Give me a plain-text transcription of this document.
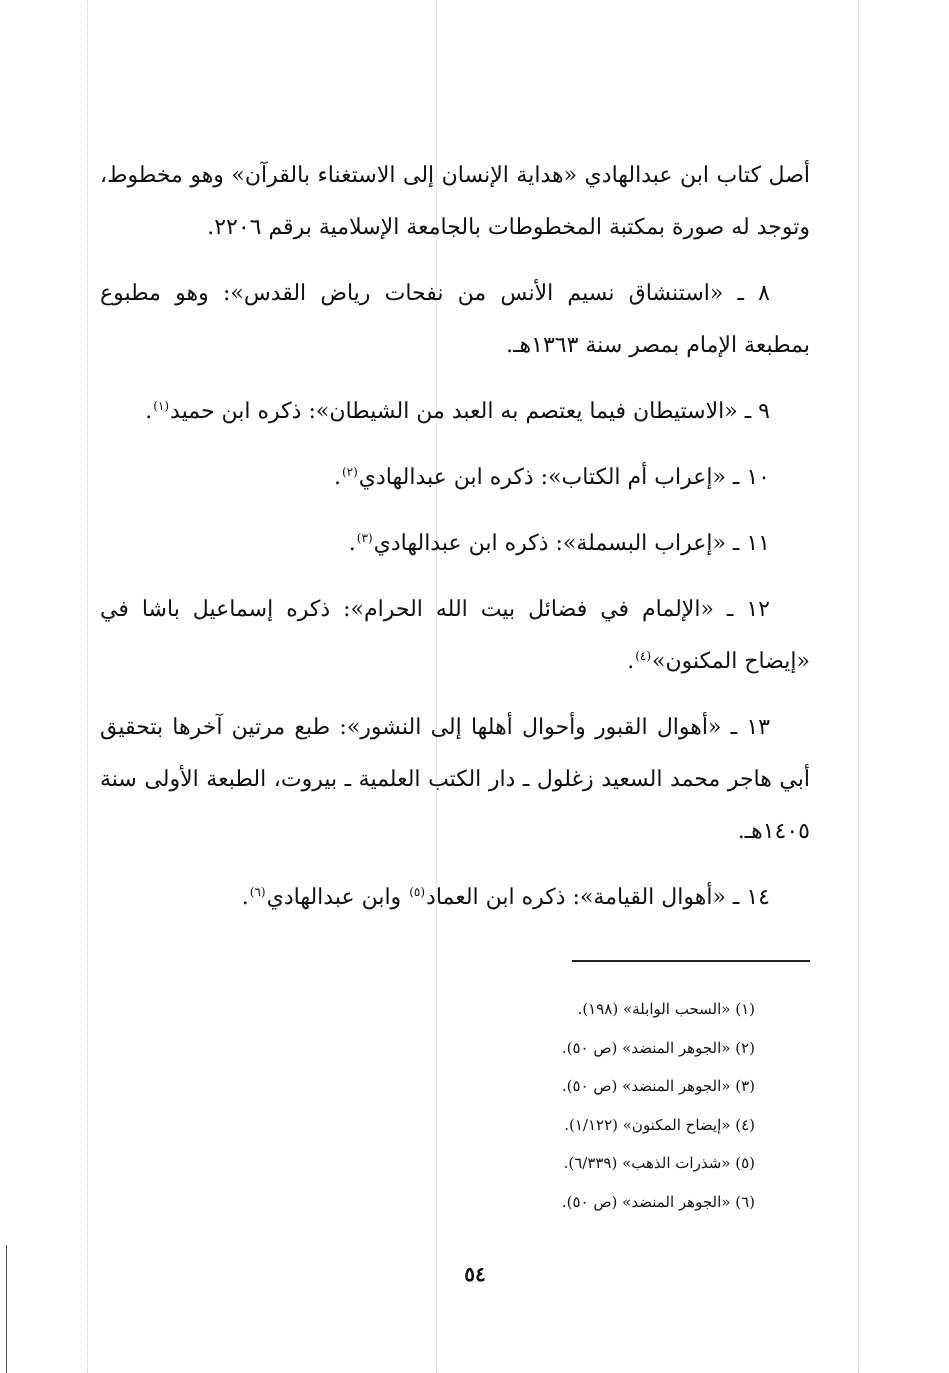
أصل كتاب ابن عبدالهادي «هداية الإنسان إلى الاستغناء بالقرآن» وهو مخطوط، وتوجد له صورة بمكتبة المخطوطات بالجامعة الإسلامية برقم ٢٢٠٦.

٨ ـ «استنشاق نسيم الأنس من نفحات رياض القدس»: وهو مطبوع بمطبعة الإمام بمصر سنة ١٣٦٣هـ.

٩ ـ «الاستيطان فيما يعتصم به العبد من الشيطان»: ذكره ابن حميد$^{(١)}$.

١٠ ـ «إعراب أم الكتاب»: ذكره ابن عبدالهادي$^{(٢)}$.

١١ ـ «إعراب البسملة»: ذكره ابن عبدالهادي$^{(٣)}$.

١٢ ـ «الإلمام في فضائل بيت الله الحرام»: ذكره إسماعيل باشا في «إيضاح المكنون»$^{(٤)}$.

١٣ ـ «أهوال القبور وأحوال أهلها إلى النشور»: طبع مرتين آخرها بتحقيق أبي هاجر محمد السعيد زغلول ـ دار الكتب العلمية ـ بيروت، الطبعة الأولى سنة ١٤٠٥هـ.

١٤ ـ «أهوال القيامة»: ذكره ابن العماد$^{(٥)}$ وابن عبدالهادي$^{(٦)}$.

(١) «السحب الوابلة» (١٩٨).

(٢) «الجوهر المنضد» (ص ٥٠).

(٣) «الجوهر المنضد» (ص ٥٠).

(٤) «إيضاح المكنون» (١/١٢٢).

(٥) «شذرات الذهب» (٦/٣٣٩).

(٦) «الجوهر المنضد» (ص ٥٠).

٥٤
